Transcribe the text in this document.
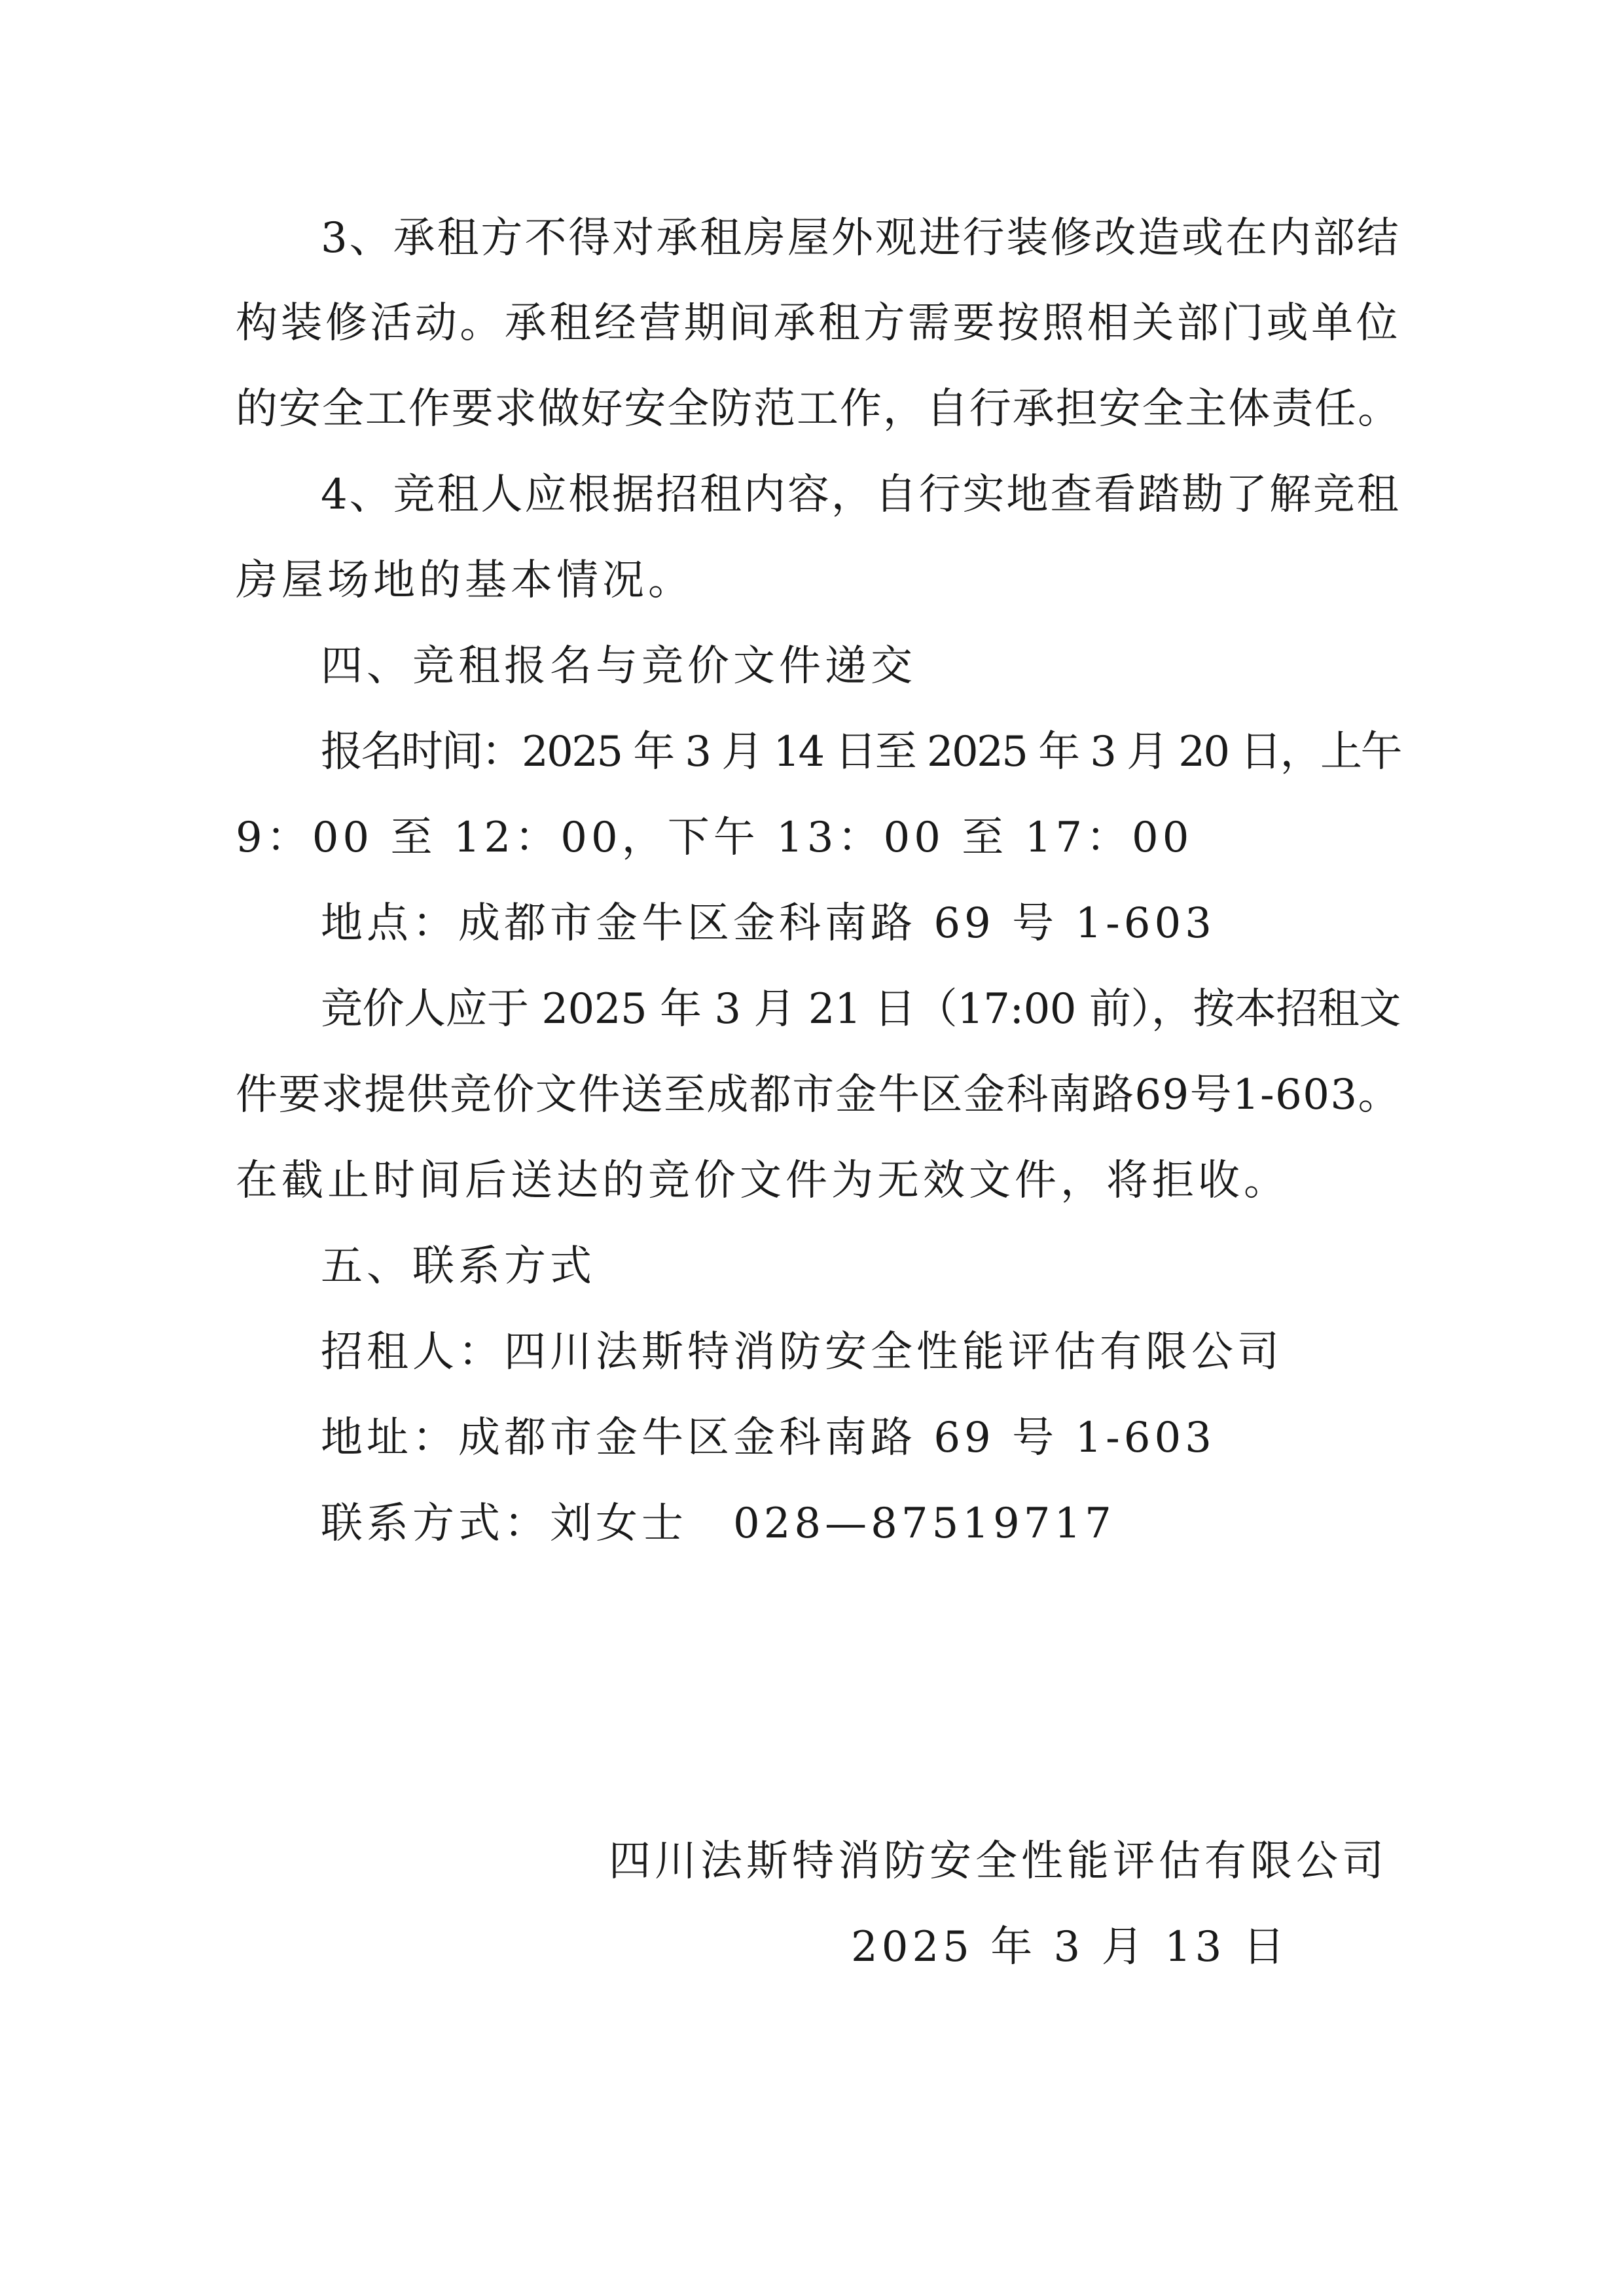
3、承租方不得对承租房屋外观进行装修改造或在内部结
构装修活动。承租经营期间承租方需要按照相关部门或单位
的安全工作要求做好安全防范工作，自行承担安全主体责任。
4、竞租人应根据招租内容，自行实地查看踏勘了解竞租
房屋场地的基本情况。
四、竞租报名与竞价文件递交
报名时间：2025 年 3 月 14 日至 2025 年 3 月 20 日，上午
9：00 至 12：00，下午 13：00 至 17：00
地点：成都市金牛区金科南路 69 号 1-603
竞价人应于 2025 年 3 月 21 日（17:00 前），按本招租文
件要求提供竞价文件送至成都市金牛区金科南路69号1-603。
在截止时间后送达的竞价文件为无效文件，将拒收。
五、联系方式
招租人：四川法斯特消防安全性能评估有限公司
地址：成都市金牛区金科南路 69 号 1-603
联系方式：刘女士　028—87519717
四川法斯特消防安全性能评估有限公司
2025 年 3 月 13 日
